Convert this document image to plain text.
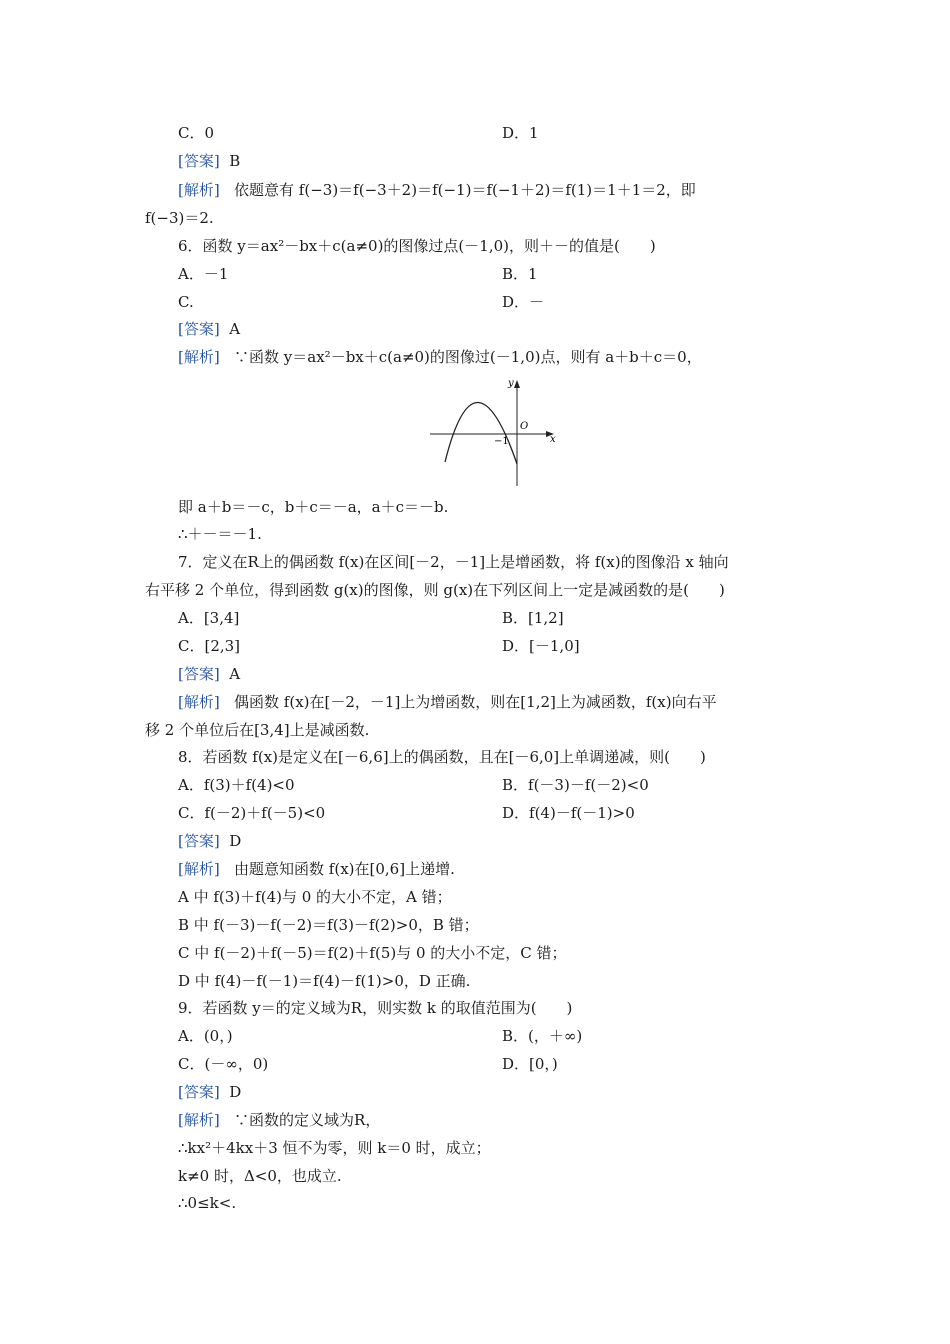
C．0	D．1
[答案] B
[解析] 依题意有 f(−3)＝f(−3＋2)＝f(−1)＝f(−1＋2)＝f(1)＝1＋1＝2，即
f(−3)＝2.
6．函数 y＝ax²－bx＋c(a≠0)的图像过点(－1,0)，则＋－的值是(　　)
A．－1	B．1
C.	D．－
[答案] A
[解析] ∵函数 y＝ax²－bx＋c(a≠0)的图像过(－1,0)点，则有 a＋b＋c＝0，
y
x
O
−1
即 a＋b＝－c，b＋c＝－a，a＋c＝－b.
∴＋－＝－1.
7．定义在R上的偶函数 f(x)在区间[－2，－1]上是增函数，将 f(x)的图像沿 x 轴向
右平移 2 个单位，得到函数 g(x)的图像，则 g(x)在下列区间上一定是减函数的是(　　)
A．[3,4]	B．[1,2]
C．[2,3]	D．[－1,0]
[答案] A
[解析] 偶函数 f(x)在[－2，－1]上为增函数，则在[1,2]上为减函数，f(x)向右平
移 2 个单位后在[3,4]上是减函数.
8．若函数 f(x)是定义在[－6,6]上的偶函数，且在[－6,0]上单调递减，则(　　)
A．f(3)＋f(4)<0	B．f(－3)－f(－2)<0
C．f(－2)＋f(－5)<0	D．f(4)－f(－1)>0
[答案] D
[解析] 由题意知函数 f(x)在[0,6]上递增.
A 中 f(3)＋f(4)与 0 的大小不定，A 错；
B 中 f(－3)－f(－2)＝f(3)－f(2)>0，B 错；
C 中 f(－2)＋f(－5)＝f(2)＋f(5)与 0 的大小不定，C 错；
D 中 f(4)－f(－1)＝f(4)－f(1)>0，D 正确.
9．若函数 y＝的定义域为R，则实数 k 的取值范围为(　　)
A．(0，)	B．(，＋∞)
C．(－∞，0)	D．[0，)
[答案] D
[解析] ∵函数的定义域为R，
∴kx²＋4kx＋3 恒不为零，则 k＝0 时，成立；
k≠0 时，Δ<0，也成立.
∴0≤k<.
